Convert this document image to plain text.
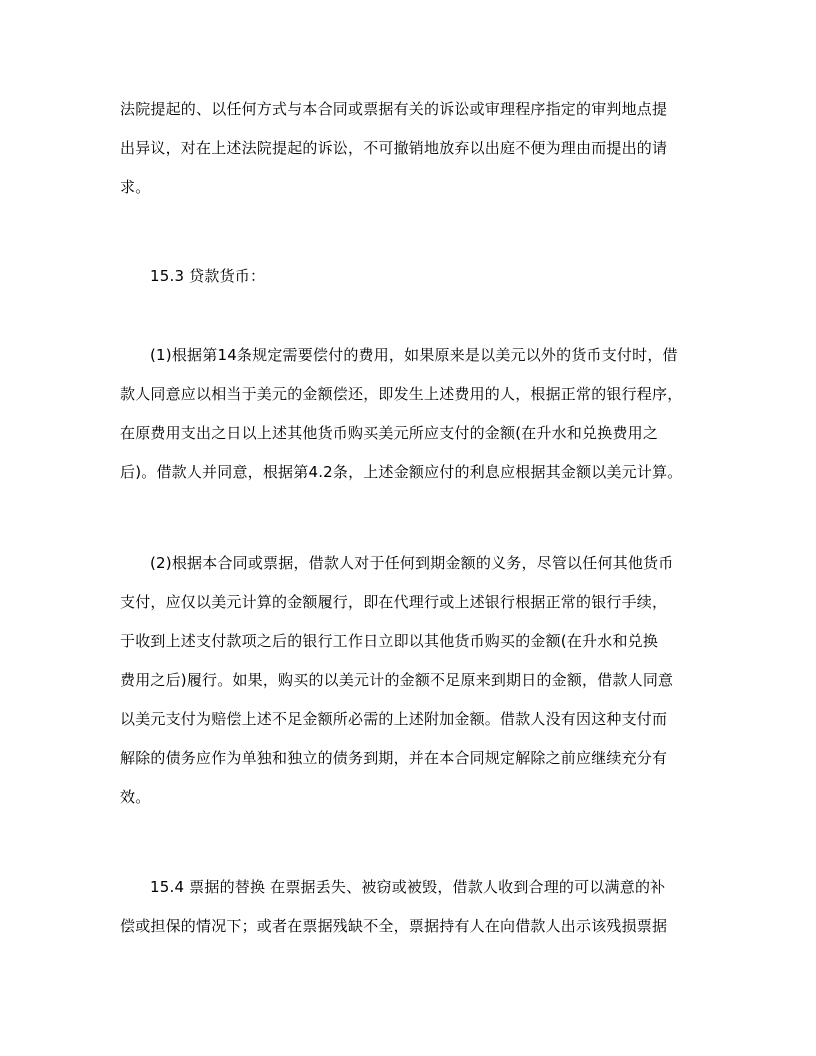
法院提起的、以任何方式与本合同或票据有关的诉讼或审理程序指定的审判地点提
出异议，对在上述法院提起的诉讼，不可撤销地放弃以出庭不便为理由而提出的请
求。
15.3 贷款货币：
(1)根据第14条规定需要偿付的费用，如果原来是以美元以外的货币支付时，借
款人同意应以相当于美元的金额偿还，即发生上述费用的人，根据正常的银行程序，
在原费用支出之日以上述其他货币购买美元所应支付的金额(在升水和兑换费用之
后)。借款人并同意，根据第4.2条，上述金额应付的利息应根据其金额以美元计算。
(2)根据本合同或票据，借款人对于任何到期金额的义务，尽管以任何其他货币
支付，应仅以美元计算的金额履行，即在代理行或上述银行根据正常的银行手续，
于收到上述支付款项之后的银行工作日立即以其他货币购买的金额(在升水和兑换
费用之后)履行。如果，购买的以美元计的金额不足原来到期日的金额，借款人同意
以美元支付为赔偿上述不足金额所必需的上述附加金额。借款人没有因这种支付而
解除的债务应作为单独和独立的债务到期，并在本合同规定解除之前应继续充分有
效。
15.4 票据的替换 在票据丢失、被窃或被毁，借款人收到合理的可以满意的补
偿或担保的情况下；或者在票据残缺不全，票据持有人在向借款人出示该残损票据
